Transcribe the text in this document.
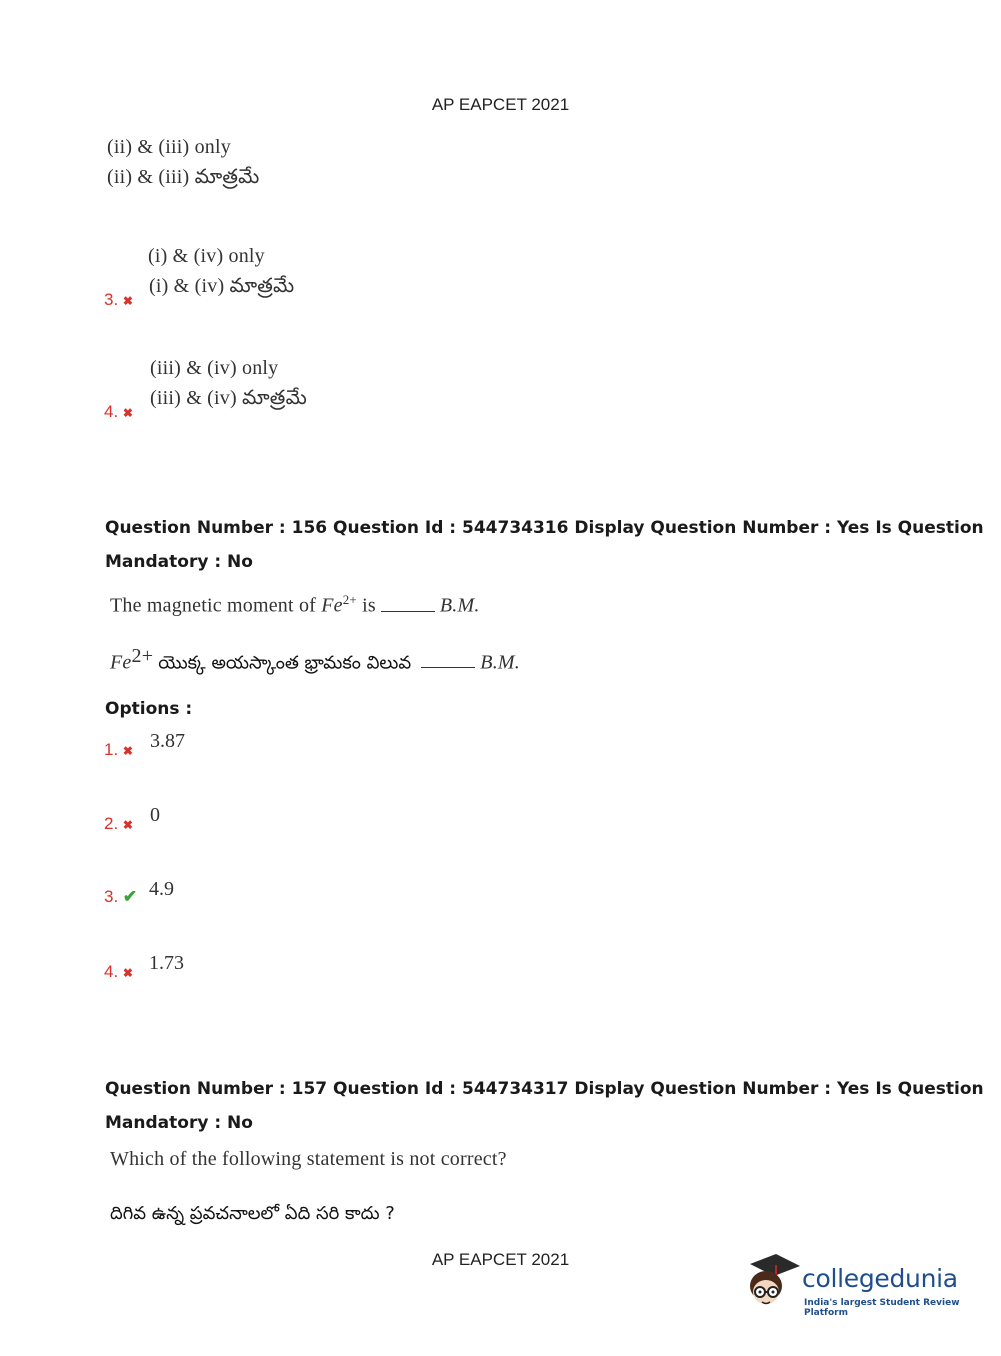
AP EAPCET 2021
(ii) & (iii) only
(ii) & (iii) మాత్రమే
(i) & (iv) only
3. ✖
(i) & (iv) మాత్రమే
(iii) & (iv) only
4. ✖
(iii) & (iv) మాత్రమే
Question Number : 156 Question Id : 544734316 Display Question Number : Yes Is Question
Mandatory : No
The magnetic moment of $Fe^{2+}$ is	B.M.
$Fe^{2+}$ యొక్క అయస్కాంత భ్రామకం విలువ	B.M.
Options :
1. ✖ 3.87
2. ✖ 0
3. ✔ 4.9
4. ✖ 1.73
Question Number : 157 Question Id : 544734317 Display Question Number : Yes Is Question
Mandatory : No
Which of the following statement is not correct?
దిగివ ఉన్న ప్రవచనాలలో ఏది సరి కాదు ?
AP EAPCET 2021
collegedunia
India's largest Student Review Platform
